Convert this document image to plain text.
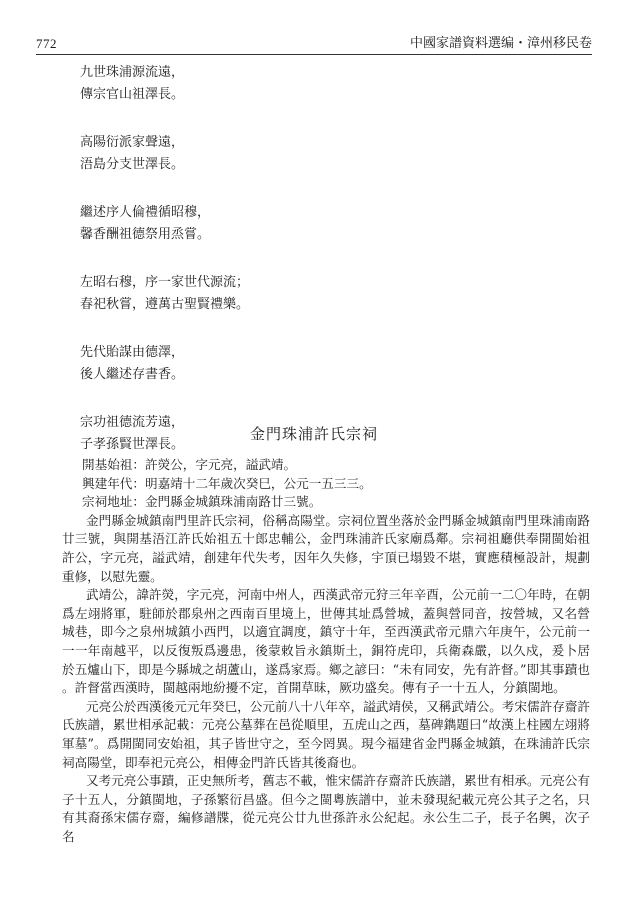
772	中國家譜資料選编・漳州移民卷
九世珠浦源流遠，
傳宗官山祖澤長。
高陽衍派家聲遠，
浯島分支世澤長。
繼述序人倫禮循昭穆，
馨香酬祖德祭用烝嘗。
左昭右穆，序一家世代源流；
春祀秋嘗，遵萬古聖賢禮樂。
先代貽謀由德澤，
後人繼述存書香。
宗功祖德流芳遠，
子孝孫賢世澤長。
金門珠浦許氏宗祠
開基始祖：許熒公，字元亮，謚武靖。
興建年代：明嘉靖十二年歲次癸巳，公元一五三三。
宗祠地址：金門縣金城鎮珠浦南路廿三號。

金門縣金城鎮南門里許氏宗祠，俗稱高陽堂。宗祠位置坐落於金門縣金城鎮南門里珠浦南路廿三號，與開基浯江許氏始祖五十郎忠輔公，金門珠浦許氏家廟爲鄰。宗祠祖廳供奉開閩始祖許公，字元亮，謚武靖，創建年代失考，因年久失修，宇頂已塌毀不堪，實應積極設計，規劃重修，以慰先靈。

武靖公，諱許熒，字元亮，河南中州人，西漢武帝元狩三年辛酉，公元前一二〇年時，在朝爲左翊將軍，駐師於郡泉州之西南百里境上，世傳其址爲營城，蓋與營同音，按營城，又名營城巷，即今之泉州城鎮小西門，以適宜調度，鎮守十年，至西漢武帝元鼎六年庚午，公元前一一一年南越平，以反復叛爲邊患，後蒙敕旨永鎮斯土，銅符虎印，兵衛森嚴，以久戍，爰卜居於五爐山下，即是今縣城之胡蘆山，遂爲家焉。鄉之諺曰：“未有同安，先有許督。”即其事蹟也。許督當西漢時，閩越兩地紛擾不定，首開草昧，厥功盛矣。傳有子一十五人，分鎮閩地。

元亮公於西漢後元元年癸巳，公元前八十八年卒，謚武靖侯，又稱武靖公。考宋儒許存齋許氏族譜，累世相承記載：元亮公墓葬在邑從順里，五虎山之西，墓碑鐫題曰“故漢上柱國左翊將軍墓”。爲開閩同安始祖，其子皆世守之，至今罔異。現今福建省金門縣金城鎮，在珠浦許氏宗祠高陽堂，即奉祀元亮公，相傳金門許氏皆其後裔也。

又考元亮公事蹟，正史無所考，舊志不載，惟宋儒許存齋許氏族譜，累世有相承。元亮公有子十五人，分鎮閩地，子孫繁衍昌盛。但今之閩粵族譜中，並未發現紀載元亮公其子之名，只有其裔孫宋儒存齋，編修譜牒，從元亮公廿九世孫許永公紀起。永公生二子，長子名興，次子名
